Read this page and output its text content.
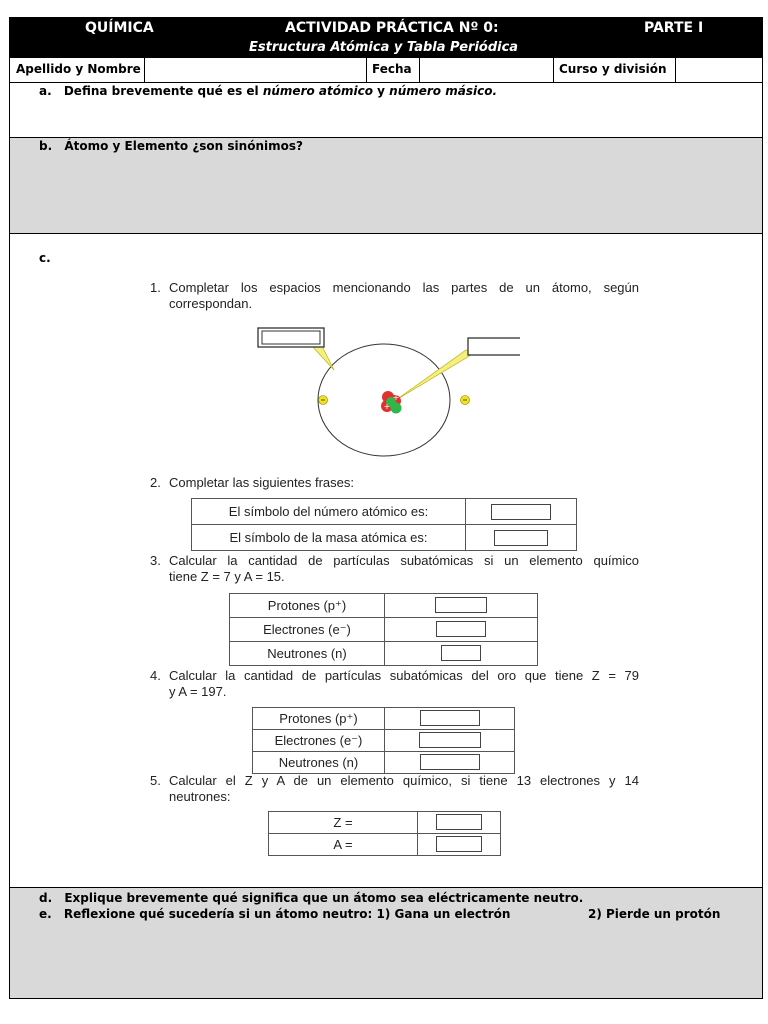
QUÍMICA	ACTIVIDAD PRÁCTICA Nº 0:	PARTE I
Estructura Atómica y Tabla Periódica
Apellido y Nombre	Fecha	Curso y división
a. Defina brevemente qué es el número atómico y número másico.
b. Átomo y Elemento ¿son sinónimos?
c.
1. Completar los espacios mencionando las partes de un átomo, según
correspondan.
+
+
2. Completar las siguientes frases:
El símbolo del número atómico es:	

El símbolo de la masa atómica es:	
3. Calcular la cantidad de partículas subatómicas si un elemento químico
tiene Z = 7 y A = 15.
Protones (p⁺)	

Electrones (e⁻)	

Neutrones (n)	
4. Calcular la cantidad de partículas subatómicas del oro que tiene Z = 79
y A = 197.
Protones (p⁺)	

Electrones (e⁻)	

Neutrones (n)	
5. Calcular el Z y A de un elemento químico, si tiene 13 electrones y 14
neutrones:
Z =	

A =	
d. Explique brevemente qué significa que un átomo sea eléctricamente neutro.
e. Reflexione qué sucedería si un átomo neutro: 1) Gana un electrón	2) Pierde un protón
